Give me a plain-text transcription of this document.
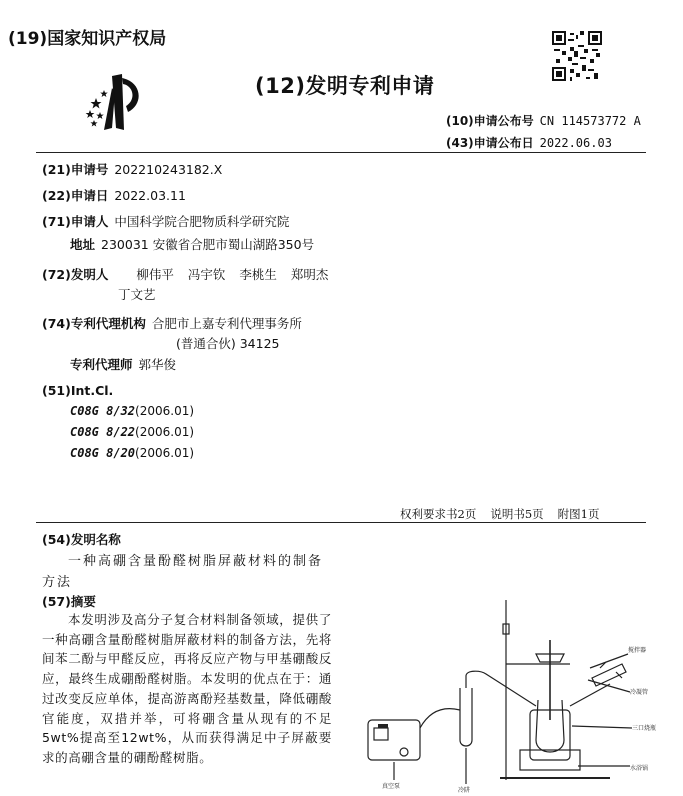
(19)国家知识产权局
(12)发明专利申请
(10)申请公布号 CN 114573772 A
(43)申请公布日 2022.06.03
(21)申请号 202210243182.X
(22)申请日 2022.03.11
(71)申请人 中国科学院合肥物质科学研究院
地址 230031 安徽省合肥市蜀山湖路350号
(72)发明人 柳伟平 冯宇钦 李桃生 郑明杰
丁文艺
(74)专利代理机构 合肥市上嘉专利代理事务所
(普通合伙) 34125
专利代理师 郭华俊
(51)Int.Cl.
C08G 8/32(2006.01)
C08G 8/22(2006.01)
C08G 8/20(2006.01)
权利要求书2页 说明书5页 附图1页
(54)发明名称
一种高硼含量酚醛树脂屏蔽材料的制备方法
(57)摘要
本发明涉及高分子复合材料制备领域，提供了一种高硼含量酚醛树脂屏蔽材料的制备方法，先将间苯二酚与甲醛反应，再将反应产物与甲基硼酸反应，最终生成硼酚醛树脂。本发明的优点在于：通过改变反应单体，提高游离酚羟基数量，降低硼酸官能度，双措并举，可将硼含量从现有的不足5wt%提高至12wt%，从而获得满足中子屏蔽要求的高硼含量的硼酚醛树脂。
搅拌器
冷凝管
三口烧瓶
水浴锅
真空泵
冷阱
